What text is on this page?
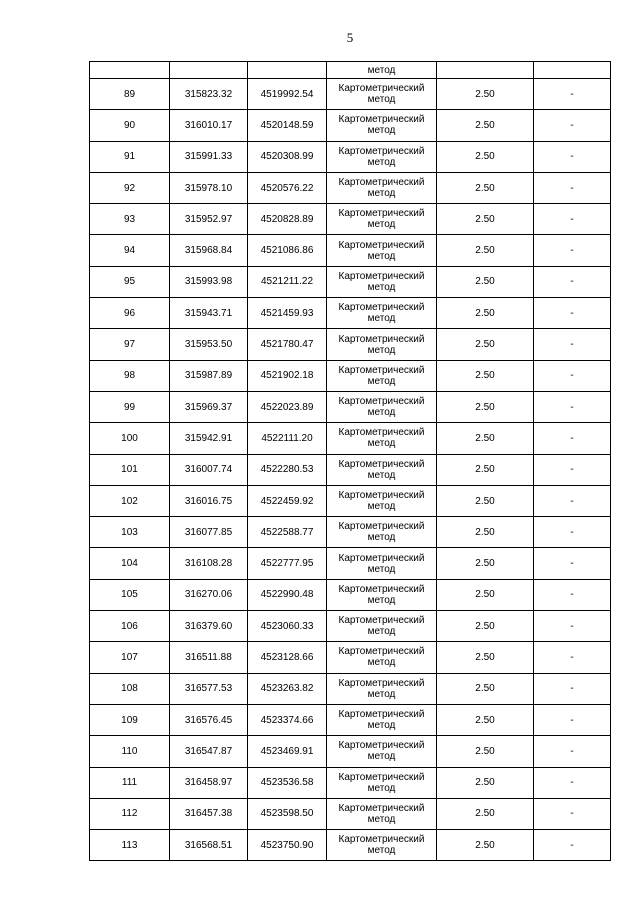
5
			метод		
89	315823.32	4519992.54	Картометрический
метод	2.50	-
90	316010.17	4520148.59	Картометрический
метод	2.50	-
91	315991.33	4520308.99	Картометрический
метод	2.50	-
92	315978.10	4520576.22	Картометрический
метод	2.50	-
93	315952.97	4520828.89	Картометрический
метод	2.50	-
94	315968.84	4521086.86	Картометрический
метод	2.50	-
95	315993.98	4521211.22	Картометрический
метод	2.50	-
96	315943.71	4521459.93	Картометрический
метод	2.50	-
97	315953.50	4521780.47	Картометрический
метод	2.50	-
98	315987.89	4521902.18	Картометрический
метод	2.50	-
99	315969.37	4522023.89	Картометрический
метод	2.50	-
100	315942.91	4522111.20	Картометрический
метод	2.50	-
101	316007.74	4522280.53	Картометрический
метод	2.50	-
102	316016.75	4522459.92	Картометрический
метод	2.50	-
103	316077.85	4522588.77	Картометрический
метод	2.50	-
104	316108.28	4522777.95	Картометрический
метод	2.50	-
105	316270.06	4522990.48	Картометрический
метод	2.50	-
106	316379.60	4523060.33	Картометрический
метод	2.50	-
107	316511.88	4523128.66	Картометрический
метод	2.50	-
108	316577.53	4523263.82	Картометрический
метод	2.50	-
109	316576.45	4523374.66	Картометрический
метод	2.50	-
110	316547.87	4523469.91	Картометрический
метод	2.50	-
111	316458.97	4523536.58	Картометрический
метод	2.50	-
112	316457.38	4523598.50	Картометрический
метод	2.50	-
113	316568.51	4523750.90	Картометрический
метод	2.50	-
